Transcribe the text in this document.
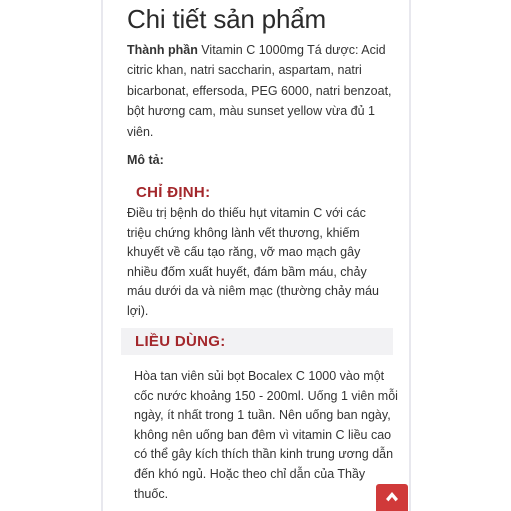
Chi tiết sản phẩm
Thành phần Vitamin C 1000mg Tá dược: Acid citric khan, natri saccharin, aspartam, natri bicarbonat, effersoda, PEG 6000, natri benzoat, bột hương cam, màu sunset yellow vừa đủ 1 viên.
Mô tả:
CHỈ ĐỊNH:
Điều trị bệnh do thiếu hụt vitamin C với các triệu chứng không lành vết thương, khiếm khuyết về cấu tạo răng, vỡ mao mạch gây nhiều đốm xuất huyết, đám bầm máu, chảy máu dưới da và niêm mạc (thường chảy máu lợi).
LIỀU DÙNG:
Hòa tan viên sủi bọt Bocalex C 1000 vào một cốc nước khoảng 150 - 200ml. Uống 1 viên mỗi ngày, ít nhất trong 1 tuần. Nên uống ban ngày, không nên uống ban đêm vì vitamin C liều cao có thể gây kích thích thần kinh trung ương dẫn đến khó ngủ. Hoặc theo chỉ dẫn của Thầy thuốc.
